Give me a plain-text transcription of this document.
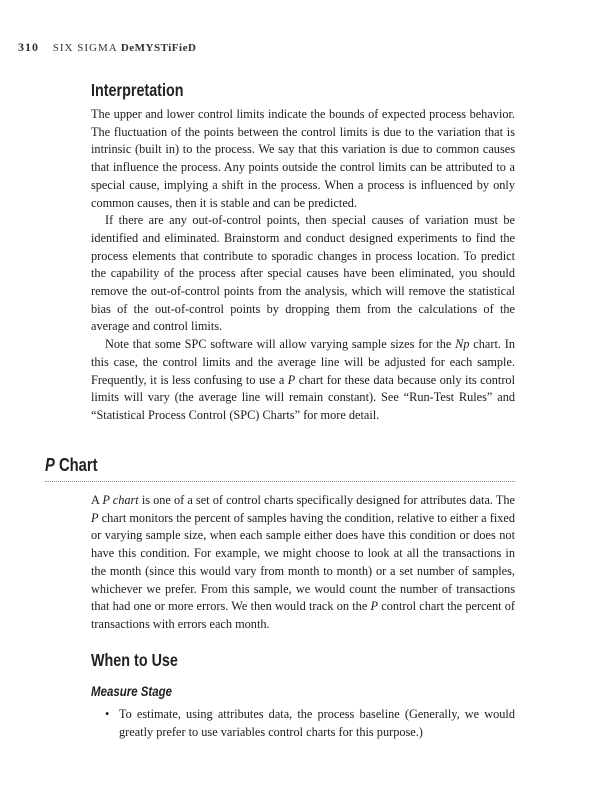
310 SIX SIGMA DeMYSTiFieD
Interpretation

The upper and lower control limits indicate the bounds of expected process behavior. The fluctuation of the points between the control limits is due to the variation that is intrinsic (built in) to the process. We say that this variation is due to common causes that influence the process. Any points outside the control limits can be attributed to a special cause, implying a shift in the process. When a process is influenced by only common causes, then it is stable and can be predicted.

If there are any out-of-control points, then special causes of variation must be identified and eliminated. Brainstorm and conduct designed experiments to find the process elements that contribute to sporadic changes in process location. To predict the capability of the process after special causes have been eliminated, you should remove the out-of-control points from the analysis, which will remove the statistical bias of the out-of-control points by dropping them from the calculations of the average and control limits.

Note that some SPC software will allow varying sample sizes for the Np chart. In this case, the control limits and the average line will be adjusted for each sample. Frequently, it is less confusing to use a P chart for these data because only its control limits will vary (the average line will remain constant). See “Run-Test Rules” and “Statistical Process Control (SPC) Charts” for more detail.

P Chart

A P chart is one of a set of control charts specifically designed for attributes data. The P chart monitors the percent of samples having the condition, relative to either a fixed or varying sample size, when each sample either does have this condition or does not have this condition. For example, we might choose to look at all the transactions in the month (since this would vary from month to month) or a set number of samples, whichever we prefer. From this sample, we would count the number of transactions that had one or more errors. We then would track on the P control chart the percent of transactions with errors each month.

When to Use
Measure Stage
• To estimate, using attributes data, the process baseline (Generally, we would greatly prefer to use variables control charts for this purpose.)
